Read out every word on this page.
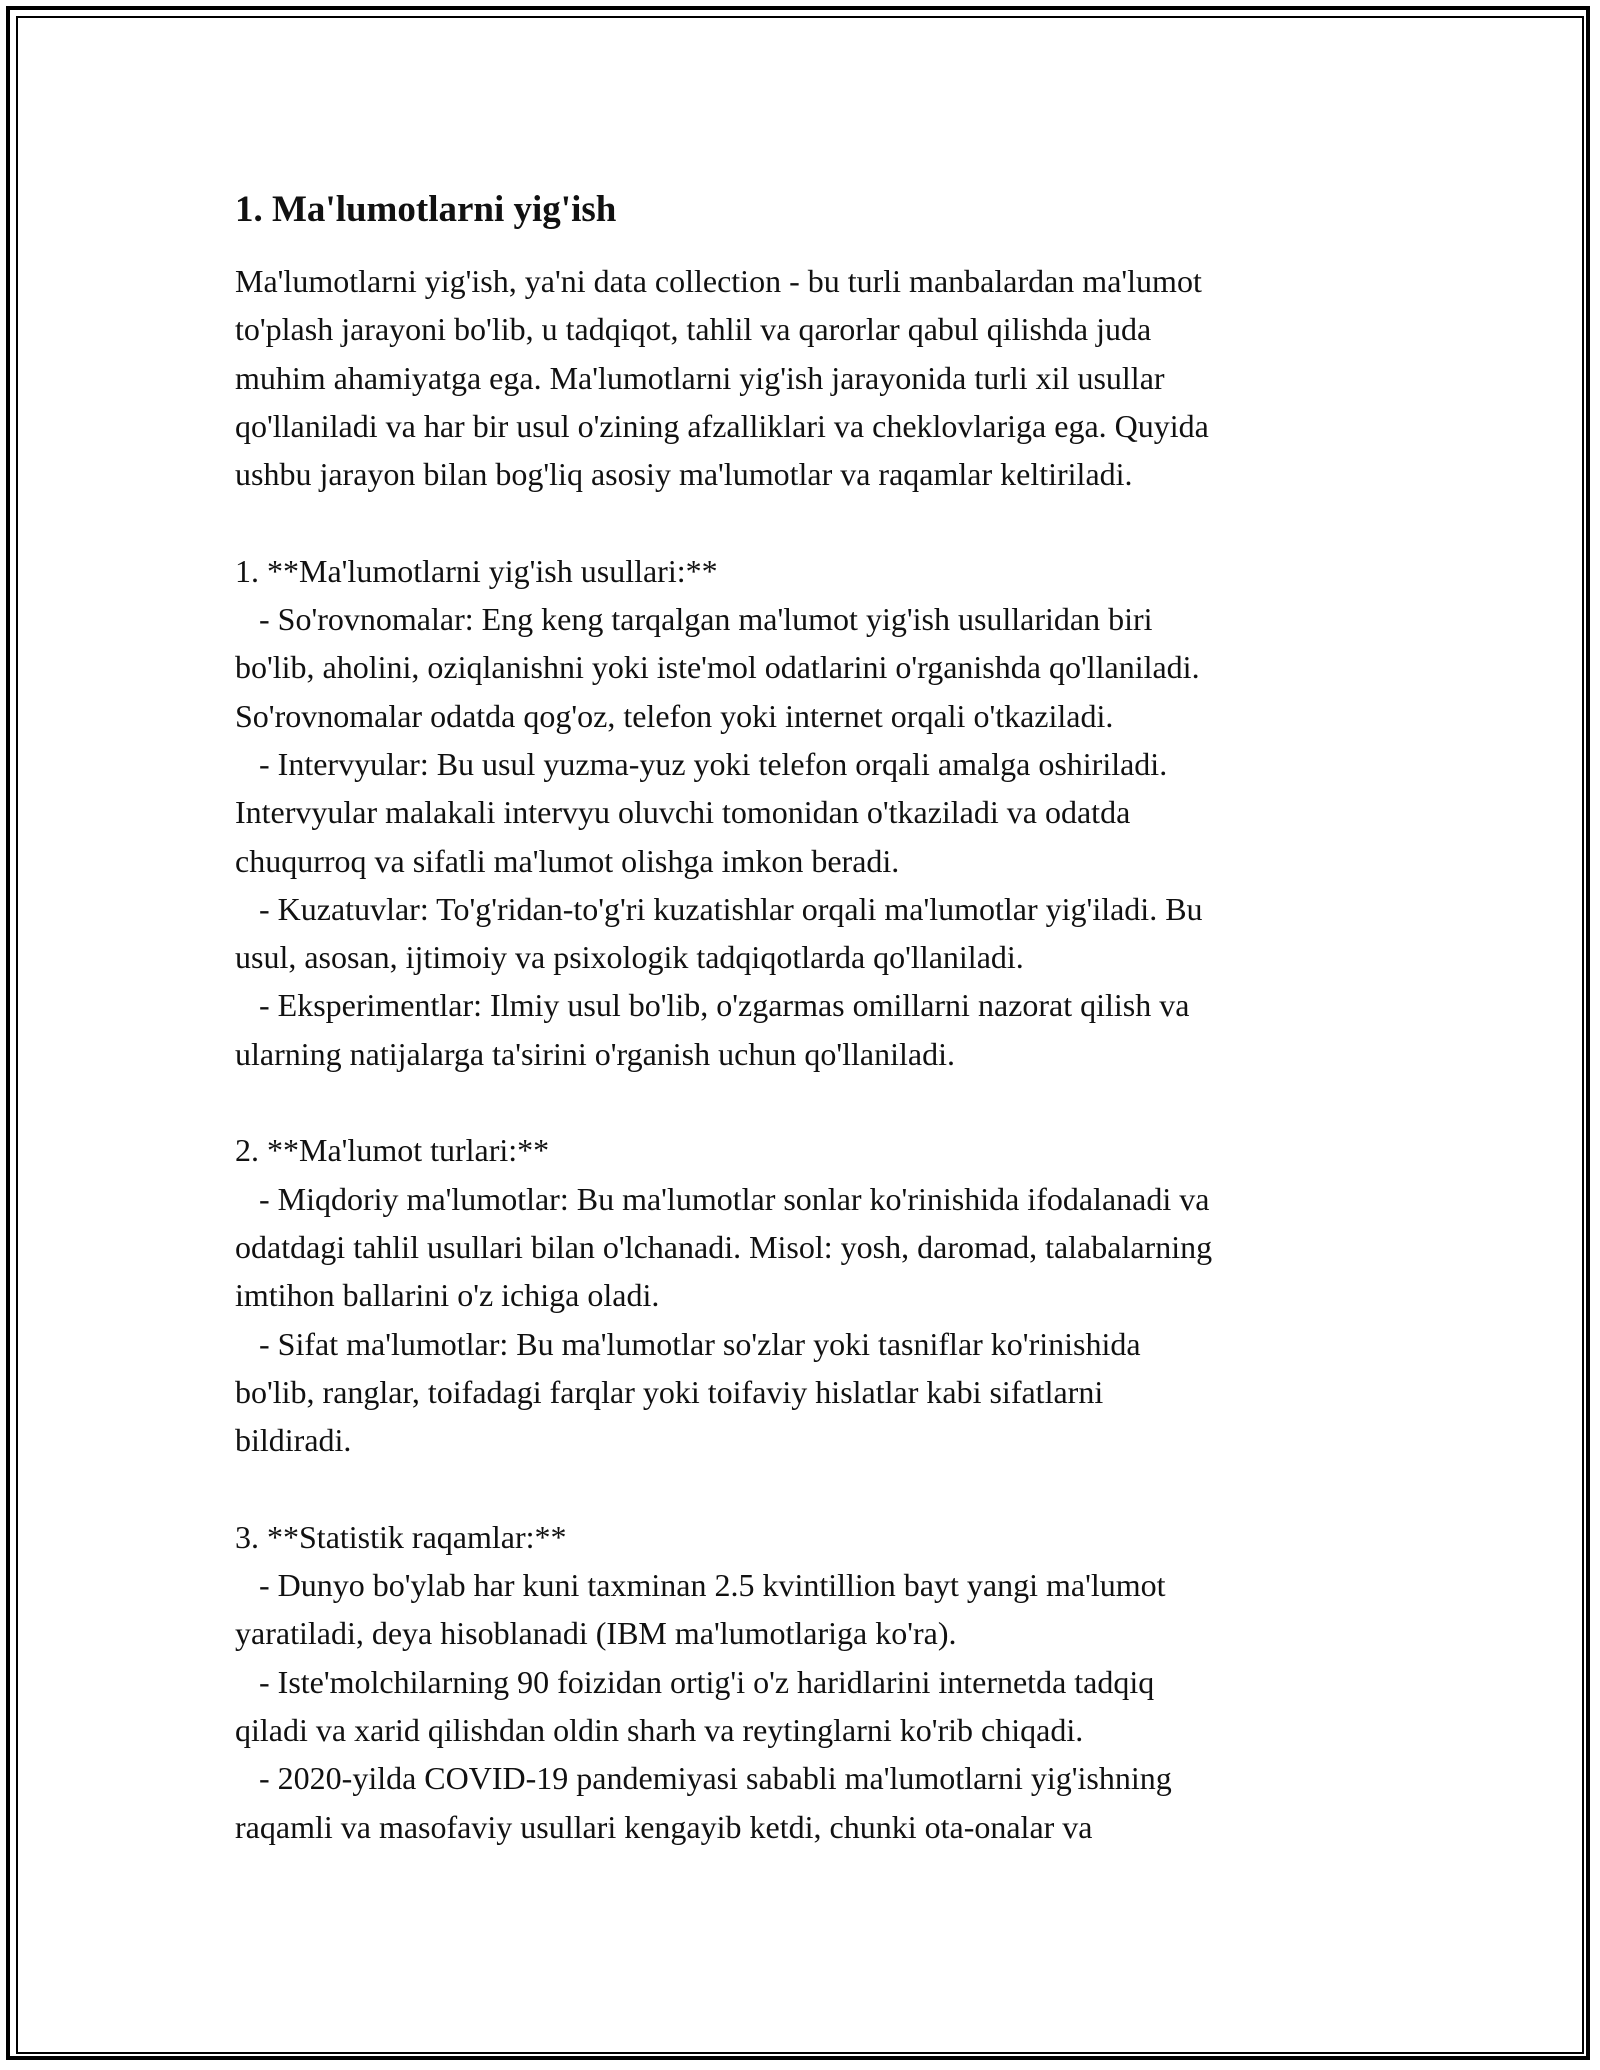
1. Ma'lumotlarni yig'ish
Ma'lumotlarni yig'ish, ya'ni data collection - bu turli manbalardan ma'lumot
to'plash jarayoni bo'lib, u tadqiqot, tahlil va qarorlar qabul qilishda juda
muhim ahamiyatga ega. Ma'lumotlarni yig'ish jarayonida turli xil usullar
qo'llaniladi va har bir usul o'zining afzalliklari va cheklovlariga ega. Quyida
ushbu jarayon bilan bog'liq asosiy ma'lumotlar va raqamlar keltiriladi.

1. **Ma'lumotlarni yig'ish usullari:**
- So'rovnomalar: Eng keng tarqalgan ma'lumot yig'ish usullaridan biri
bo'lib, aholini, oziqlanishni yoki iste'mol odatlarini o'rganishda qo'llaniladi.
So'rovnomalar odatda qog'oz, telefon yoki internet orqali o'tkaziladi.
- Intervyular: Bu usul yuzma-yuz yoki telefon orqali amalga oshiriladi.
Intervyular malakali intervyu oluvchi tomonidan o'tkaziladi va odatda
chuqurroq va sifatli ma'lumot olishga imkon beradi.
- Kuzatuvlar: To'g'ridan-to'g'ri kuzatishlar orqali ma'lumotlar yig'iladi. Bu
usul, asosan, ijtimoiy va psixologik tadqiqotlarda qo'llaniladi.
- Eksperimentlar: Ilmiy usul bo'lib, o'zgarmas omillarni nazorat qilish va
ularning natijalarga ta'sirini o'rganish uchun qo'llaniladi.

2. **Ma'lumot turlari:**
- Miqdoriy ma'lumotlar: Bu ma'lumotlar sonlar ko'rinishida ifodalanadi va
odatdagi tahlil usullari bilan o'lchanadi. Misol: yosh, daromad, talabalarning
imtihon ballarini o'z ichiga oladi.
- Sifat ma'lumotlar: Bu ma'lumotlar so'zlar yoki tasniflar ko'rinishida
bo'lib, ranglar, toifadagi farqlar yoki toifaviy hislatlar kabi sifatlarni
bildiradi.

3. **Statistik raqamlar:**
- Dunyo bo'ylab har kuni taxminan 2.5 kvintillion bayt yangi ma'lumot
yaratiladi, deya hisoblanadi (IBM ma'lumotlariga ko'ra).
- Iste'molchilarning 90 foizidan ortig'i o'z haridlarini internetda tadqiq
qiladi va xarid qilishdan oldin sharh va reytinglarni ko'rib chiqadi.
- 2020-yilda COVID-19 pandemiyasi sababli ma'lumotlarni yig'ishning
raqamli va masofaviy usullari kengayib ketdi, chunki ota-onalar va
